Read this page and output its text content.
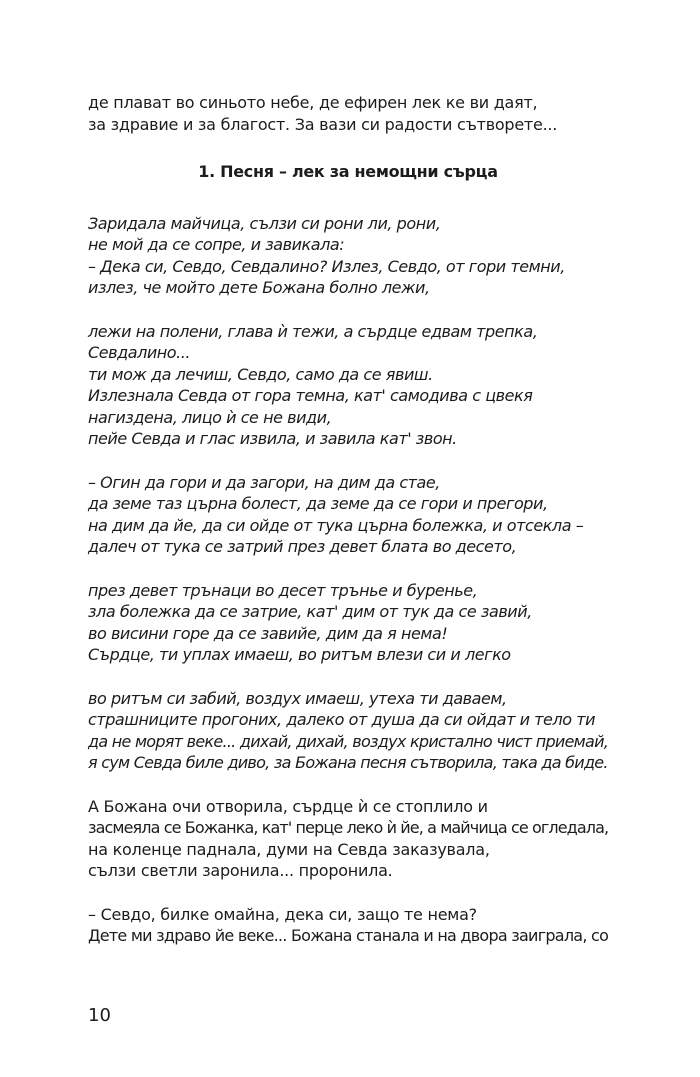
де плават во синьото небе, де ефирен лек ке ви даят,
за здравие и за благост. За вази си радости сътворете...
1. Песня – лек за немощни сърца
Заридала майчица, сълзи си рони ли, рони,
не мой да се сопре, и завикала:
– Дека си, Севдо, Севдалино? Излез, Севдо, от гори темни,
излез, че мойто дете Божана болно лежи,
лежи на полени, глава ѝ тежи, а сърдце едвам трепка,
Севдалино...
ти мож да лечиш, Севдо, само да се явиш.
Излезнала Севда от гора темна, кат' самодива с цвекя
нагиздена, лицо ѝ се не види,
пейе Севда и глас извила, и завила кат' звон.
– Огин да гори и да загори, на дим да стае,
да земе таз църна болест, да земе да се гори и прегори,
на дим да йе, да си ойде от тука църна болежка, и отсекла –
далеч от тука се затрий през девет блата во десето,
през девет трънаци во десет трънье и буренье,
зла болежка да се затрие, кат' дим от тук да се завий,
во висини горе да се завийе, дим да я нема!
Сърдце, ти уплах имаеш, во ритъм влези си и легко
во ритъм си забий, воздух имаеш, утеха ти даваем,
страшниците прогоних, далеко от душа да си ойдат и тело ти
да не морят веке... дихай, дихай, воздух кристално чист приемай,
я сум Севда биле диво, за Божана песня сътворила, така да биде.
А Божана очи отворила, сърдце ѝ се стоплило и
засмеяла се Божанка, кат' перце леко ѝ йе, а майчица се огледала,
на коленце паднала, думи на Севда заказувала,
сълзи светли заронила... проронила.
– Севдо, билке омайна, дека си, защо те нема?
Дете ми здраво йе веке... Божана станала и на двора заиграла, со
10
